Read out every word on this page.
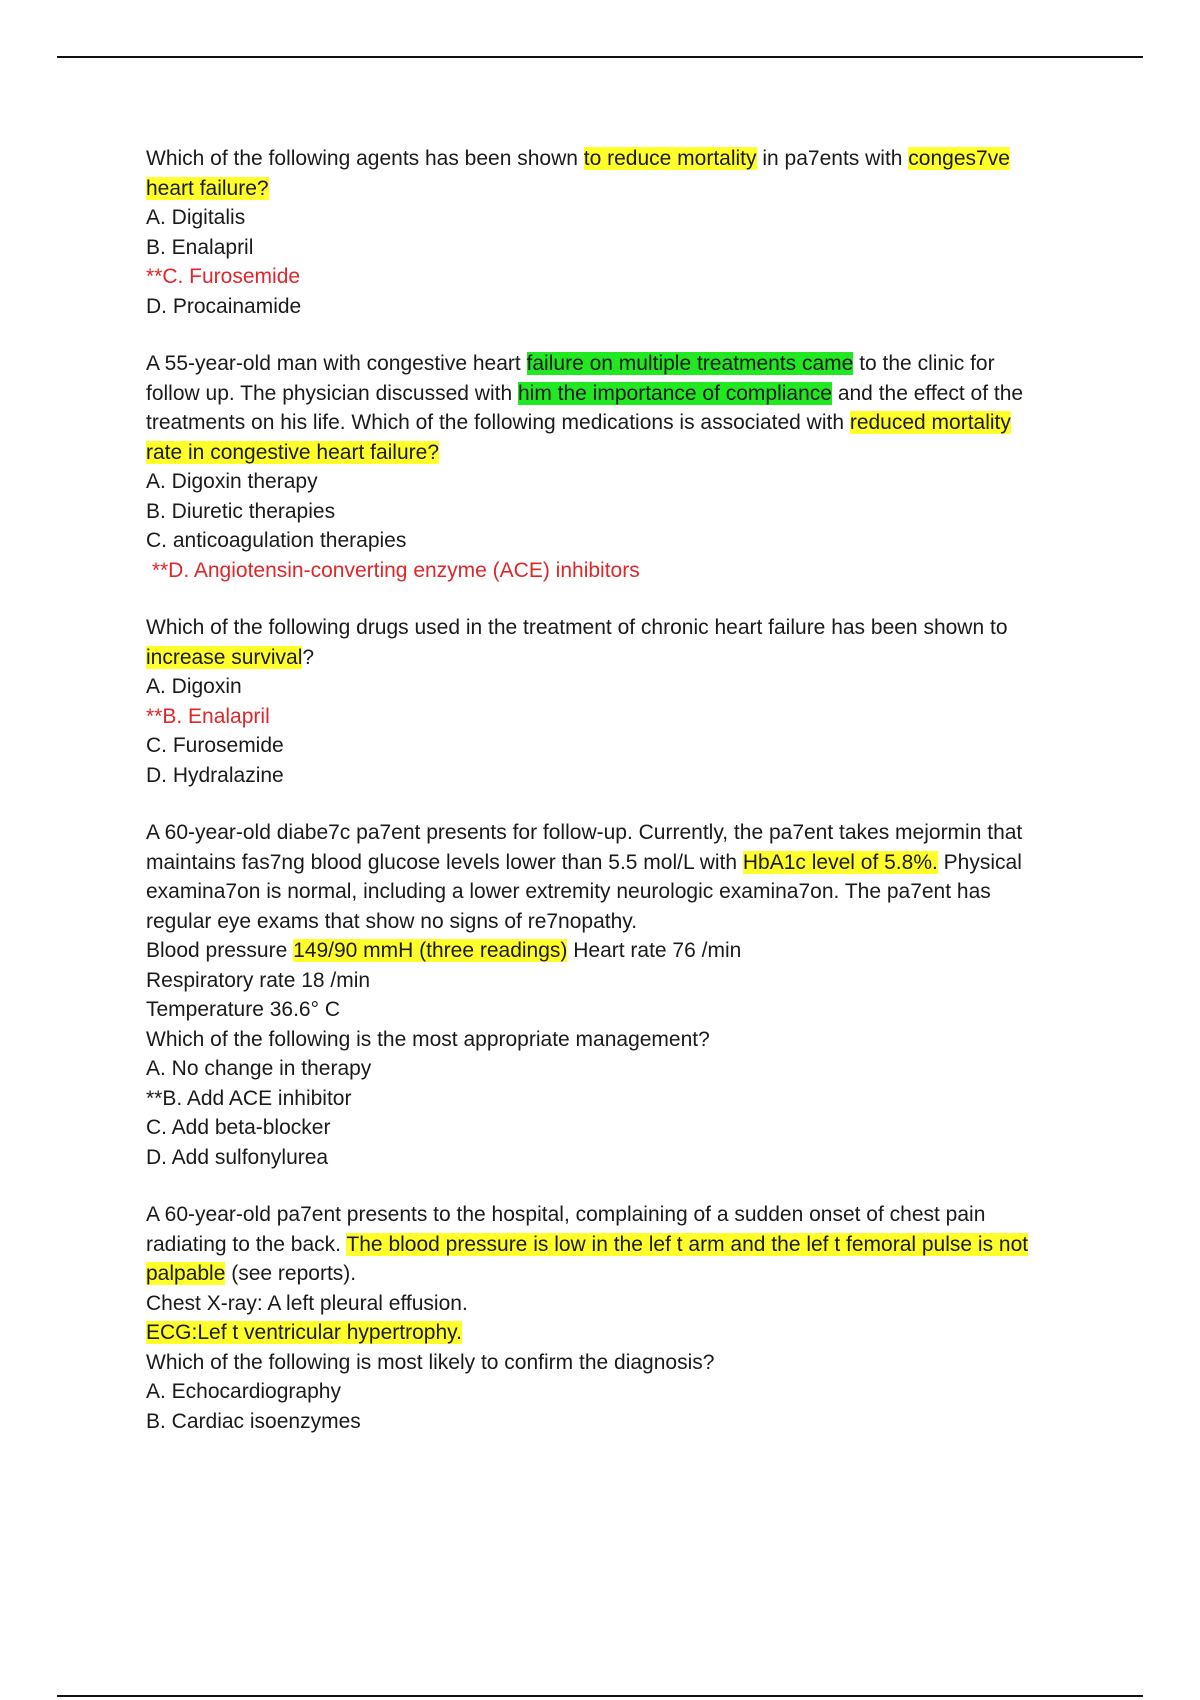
Which of the following agents has been shown to reduce mortality in pa7ents with conges7ve
heart failure?
A. Digitalis
B. Enalapril
**C. Furosemide
D. Procainamide
A 55-year-old man with congestive heart failure on multiple treatments came to the clinic for
follow up. The physician discussed with him the importance of compliance and the effect of the
treatments on his life. Which of the following medications is associated with reduced mortality
rate in congestive heart failure?
A. Digoxin therapy
B. Diuretic therapies
C. anticoagulation therapies
**D. Angiotensin-converting enzyme (ACE) inhibitors
Which of the following drugs used in the treatment of chronic heart failure has been shown to
increase survival?
A. Digoxin
**B. Enalapril
C. Furosemide
D. Hydralazine
A 60-year-old diabe7c pa7ent presents for follow-up. Currently, the pa7ent takes mejormin that
maintains fas7ng blood glucose levels lower than 5.5 mol/L with HbA1c level of 5.8%. Physical
examina7on is normal, including a lower extremity neurologic examina7on. The pa7ent has
regular eye exams that show no signs of re7nopathy.
Blood pressure 149/90 mmH (three readings) Heart rate 76 /min
Respiratory rate 18 /min
Temperature 36.6° C
Which of the following is the most appropriate management?
A. No change in therapy
**B. Add ACE inhibitor
C. Add beta-blocker
D. Add sulfonylurea
A 60-year-old pa7ent presents to the hospital, complaining of a sudden onset of chest pain
radiating to the back. The blood pressure is low in the lef t arm and the lef t femoral pulse is not
palpable (see reports).
Chest X-ray: A left pleural effusion.
ECG:Lef t ventricular hypertrophy.
Which of the following is most likely to confirm the diagnosis?
A. Echocardiography
B. Cardiac isoenzymes
